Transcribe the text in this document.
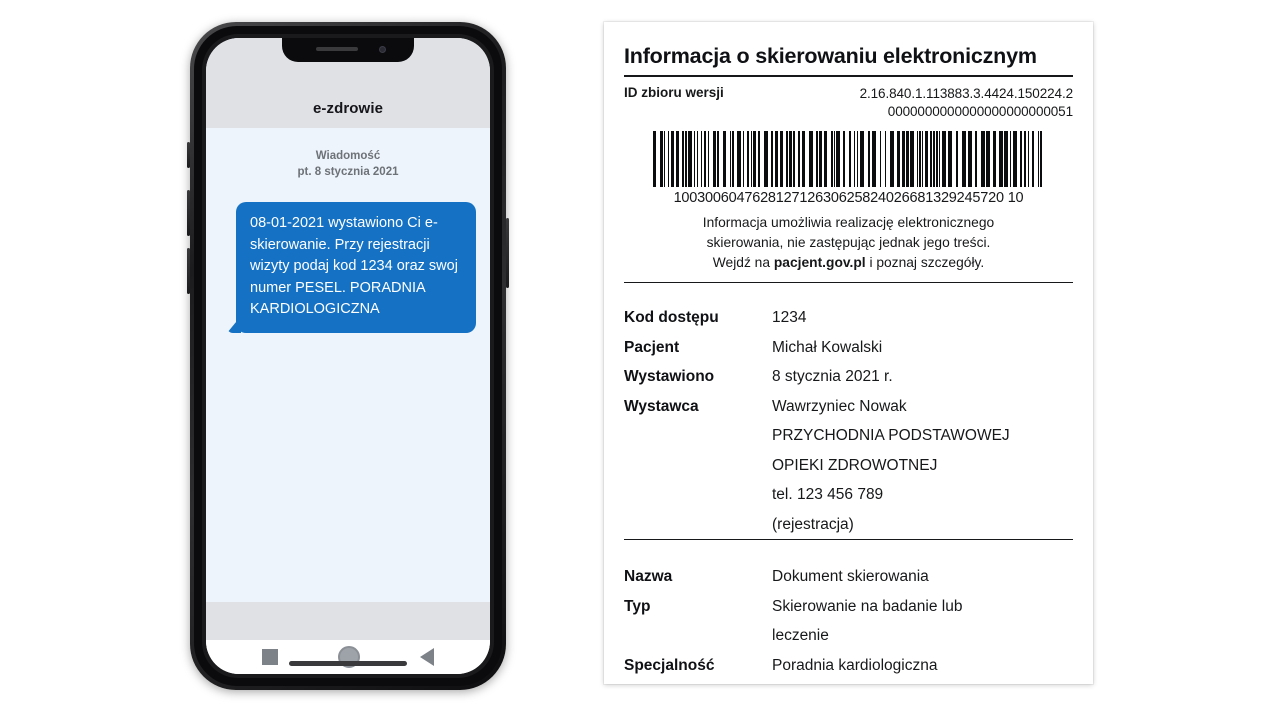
e-zdrowie
Wiadomość
pt. 8 stycznia 2021
08-01-2021 wystawiono Ci e-skierowanie. Przy rejestracji wizyty podaj kod 1234 oraz swoj numer PESEL. PORADNIA KARDIOLOGICZNA
Informacja o skierowaniu elektronicznym
ID zbioru wersji	2.16.840.1.113883.3.4424.150224.2
0000000000000000000000051
100300604762812712630625824026681329245720 10
Informacja umożliwia realizację elektronicznego
skierowania, nie zastępując jednak jego treści.
Wejdź na pacjent.gov.pl i poznaj szczegóły.
Kod dostępu	1234
Pacjent	Michał Kowalski
Wystawiono	8 stycznia 2021 r.
Wystawca	Wawrzyniec Nowak
PRZYCHODNIA PODSTAWOWEJ
OPIEKI ZDROWOTNEJ
tel. 123 456 789
(rejestracja)
Nazwa	Dokument skierowania
Typ	Skierowanie na badanie lub
leczenie
Specjalność	Poradnia kardiologiczna
